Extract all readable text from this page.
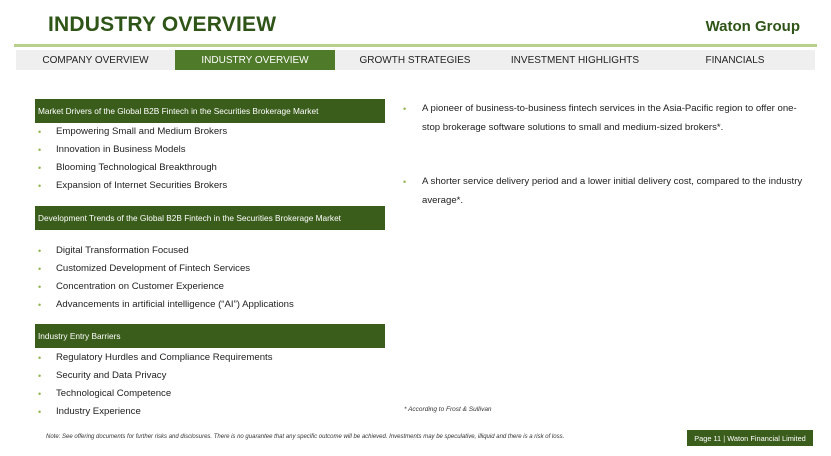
INDUSTRY OVERVIEW	Waton Group
COMPANY OVERVIEW	INDUSTRY OVERVIEW	GROWTH STRATEGIES	INVESTMENT HIGHLIGHTS	FINANCIALS
Market Drivers of the Global B2B Fintech in the Securities Brokerage Market
• Empowering Small and Medium Brokers
• Innovation in Business Models
• Blooming Technological Breakthrough
• Expansion of Internet Securities Brokers
Development Trends of the Global B2B Fintech in the Securities Brokerage Market
• Digital Transformation Focused
• Customized Development of Fintech Services
• Concentration on Customer Experience
• Advancements in artificial intelligence (“AI”) Applications
Industry Entry Barriers
• Regulatory Hurdles and Compliance Requirements
• Security and Data Privacy
• Technological Competence
• Industry Experience
• A pioneer of business-to-business fintech services in the Asia-Pacific region to offer one-stop brokerage software solutions to small and medium-sized brokers*.
• A shorter service delivery period and a lower initial delivery cost, compared to the industry average*.
* According to Frost & Sullivan
Note: See offering documents for further risks and disclosures. There is no guarantee that any specific outcome will be achieved. Investments may be speculative, illiquid and there is a risk of loss.	Page 11 | Waton Financial Limited
